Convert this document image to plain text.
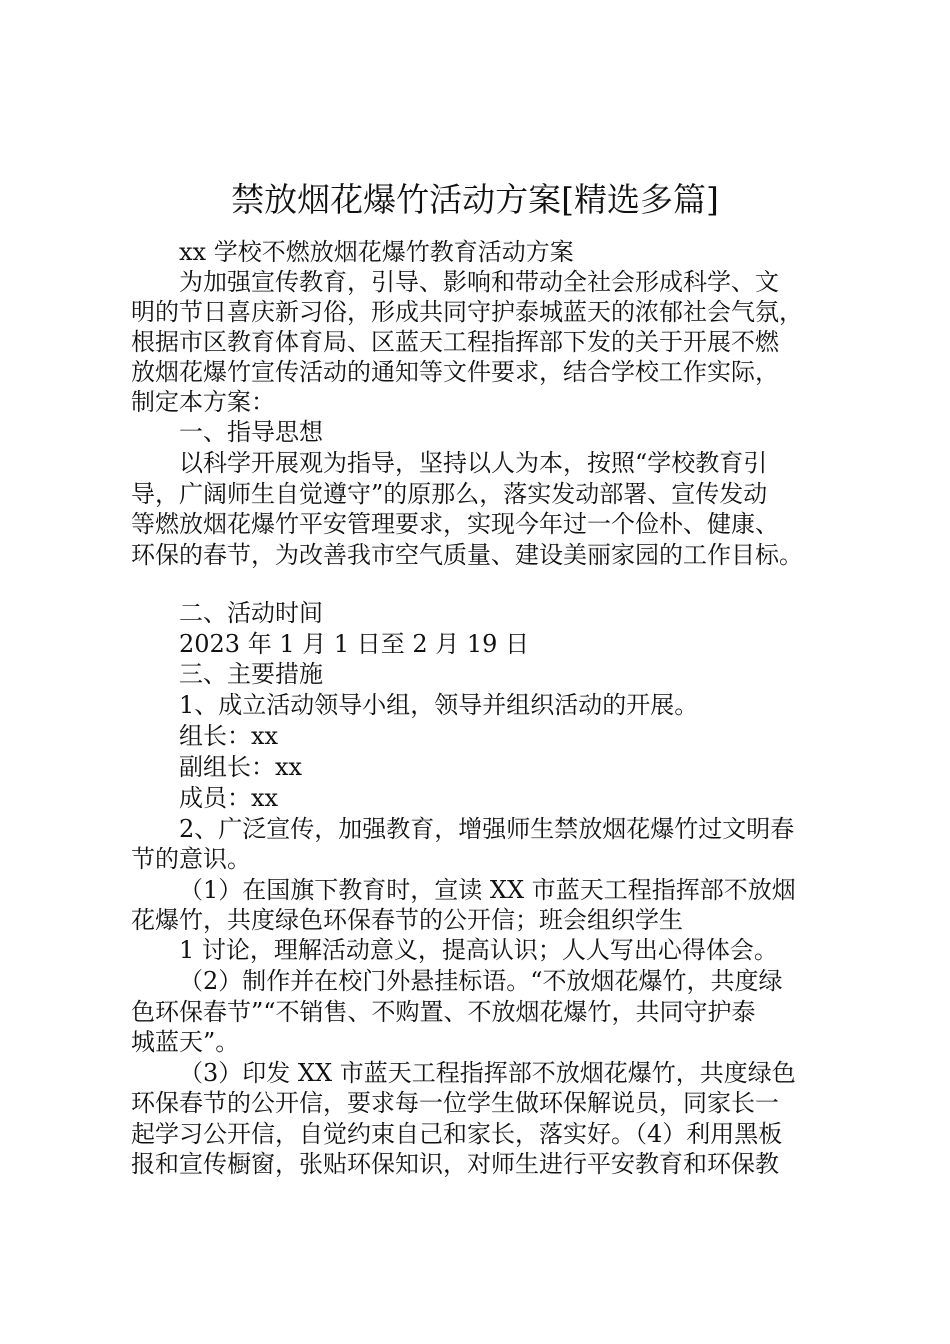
禁放烟花爆竹活动方案[精选多篇]
xx 学校不燃放烟花爆竹教育活动方案
为加强宣传教育，引导、影响和带动全社会形成科学、文
明的节日喜庆新习俗，形成共同守护泰城蓝天的浓郁社会气氛，
根据市区教育体育局、区蓝天工程指挥部下发的关于开展不燃
放烟花爆竹宣传活动的通知等文件要求，结合学校工作实际，
制定本方案：
一、指导思想
以科学开展观为指导，坚持以人为本，按照“学校教育引
导，广阔师生自觉遵守”的原那么，落实发动部署、宣传发动
等燃放烟花爆竹平安管理要求，实现今年过一个俭朴、健康、
环保的春节，为改善我市空气质量、建设美丽家园的工作目标。
二、活动时间
2023 年 1 月 1 日至 2 月 19 日
三、主要措施
1、成立活动领导小组，领导并组织活动的开展。
组长：xx
副组长：xx
成员：xx
2、广泛宣传，加强教育，增强师生禁放烟花爆竹过文明春
节的意识。
（1）在国旗下教育时，宣读 XX 市蓝天工程指挥部不放烟
花爆竹，共度绿色环保春节的公开信；班会组织学生
1 讨论，理解活动意义，提高认识；人人写出心得体会。
（2）制作并在校门外悬挂标语。“不放烟花爆竹，共度绿
色环保春节”“不销售、不购置、不放烟花爆竹，共同守护泰
城蓝天”。
（3）印发 XX 市蓝天工程指挥部不放烟花爆竹，共度绿色
环保春节的公开信，要求每一位学生做环保解说员，同家长一
起学习公开信，自觉约束自己和家长，落实好。（4）利用黑板
报和宣传橱窗，张贴环保知识，对师生进行平安教育和环保教
